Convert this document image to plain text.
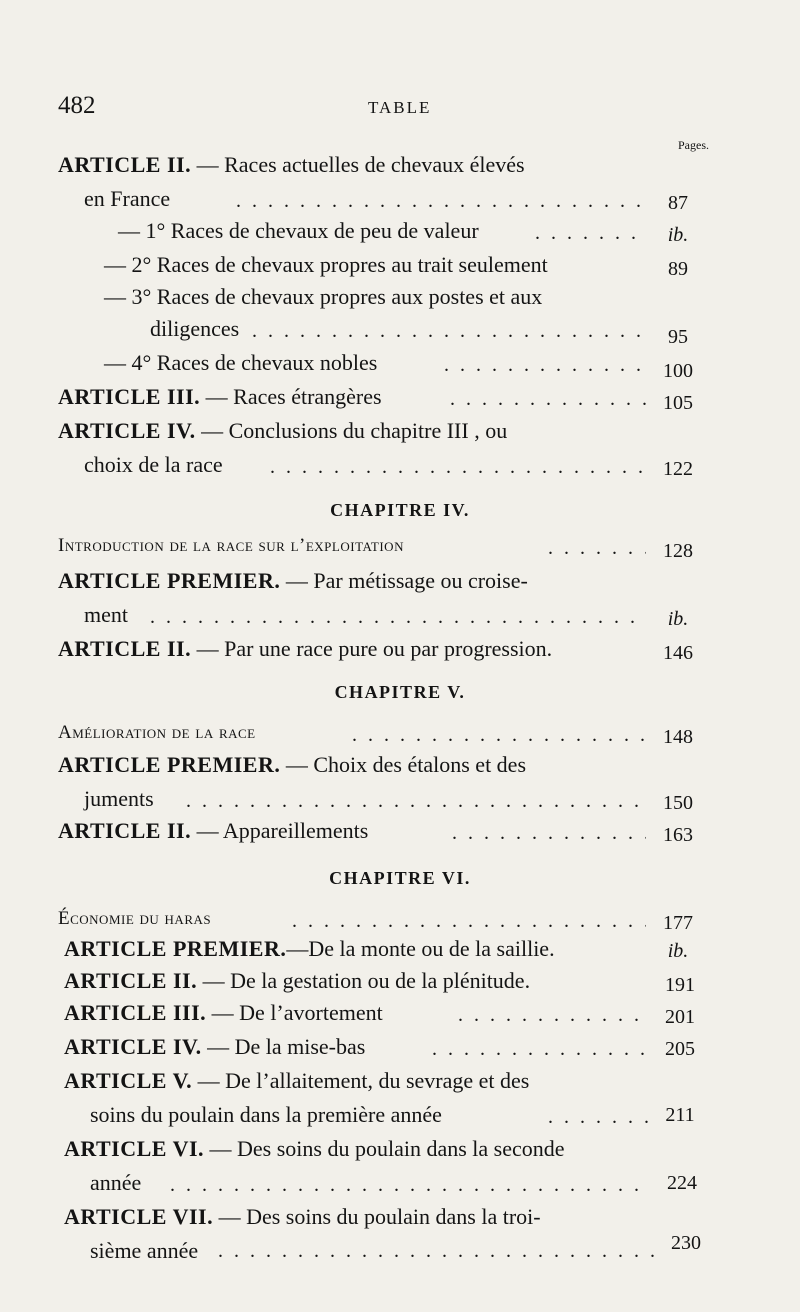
482	TABLE
Pages.
ARTICLE II. — Races actuelles de chevaux élevés
en France . . .	87
— 1° Races de chevaux de peu de valeur . . .	ib.
— 2° Races de chevaux propres au trait seulement	89
— 3° Races de chevaux propres aux postes et aux
diligences . . .	95
— 4° Races de chevaux nobles . . .	100
ARTICLE III. — Races étrangères . . .	105
ARTICLE IV. — Conclusions du chapitre III , ou
choix de la race . . .	122
CHAPITRE IV.
Introduction de la race sur l’exploitation . . .	128
ARTICLE PREMIER. — Par métissage ou croise-
ment . . .	ib.
ARTICLE II. — Par une race pure ou par progression.	146
CHAPITRE V.
Amélioration de la race . . .	148
ARTICLE PREMIER. — Choix des étalons et des
juments . . .	150
ARTICLE II. — Appareillements . . .	163
CHAPITRE VI.
Économie du haras . . .	177
ARTICLE PREMIER.—De la monte ou de la saillie.	ib.
ARTICLE II. — De la gestation ou de la plénitude.	191
ARTICLE III. — De l’avortement . . .	201
ARTICLE IV. — De la mise-bas . . .	205
ARTICLE V. — De l’allaitement, du sevrage et des
soins du poulain dans la première année . . .	211
ARTICLE VI. — Des soins du poulain dans la seconde
année . . .	224
ARTICLE VII. — Des soins du poulain dans la troi-
sième année . . .	230
